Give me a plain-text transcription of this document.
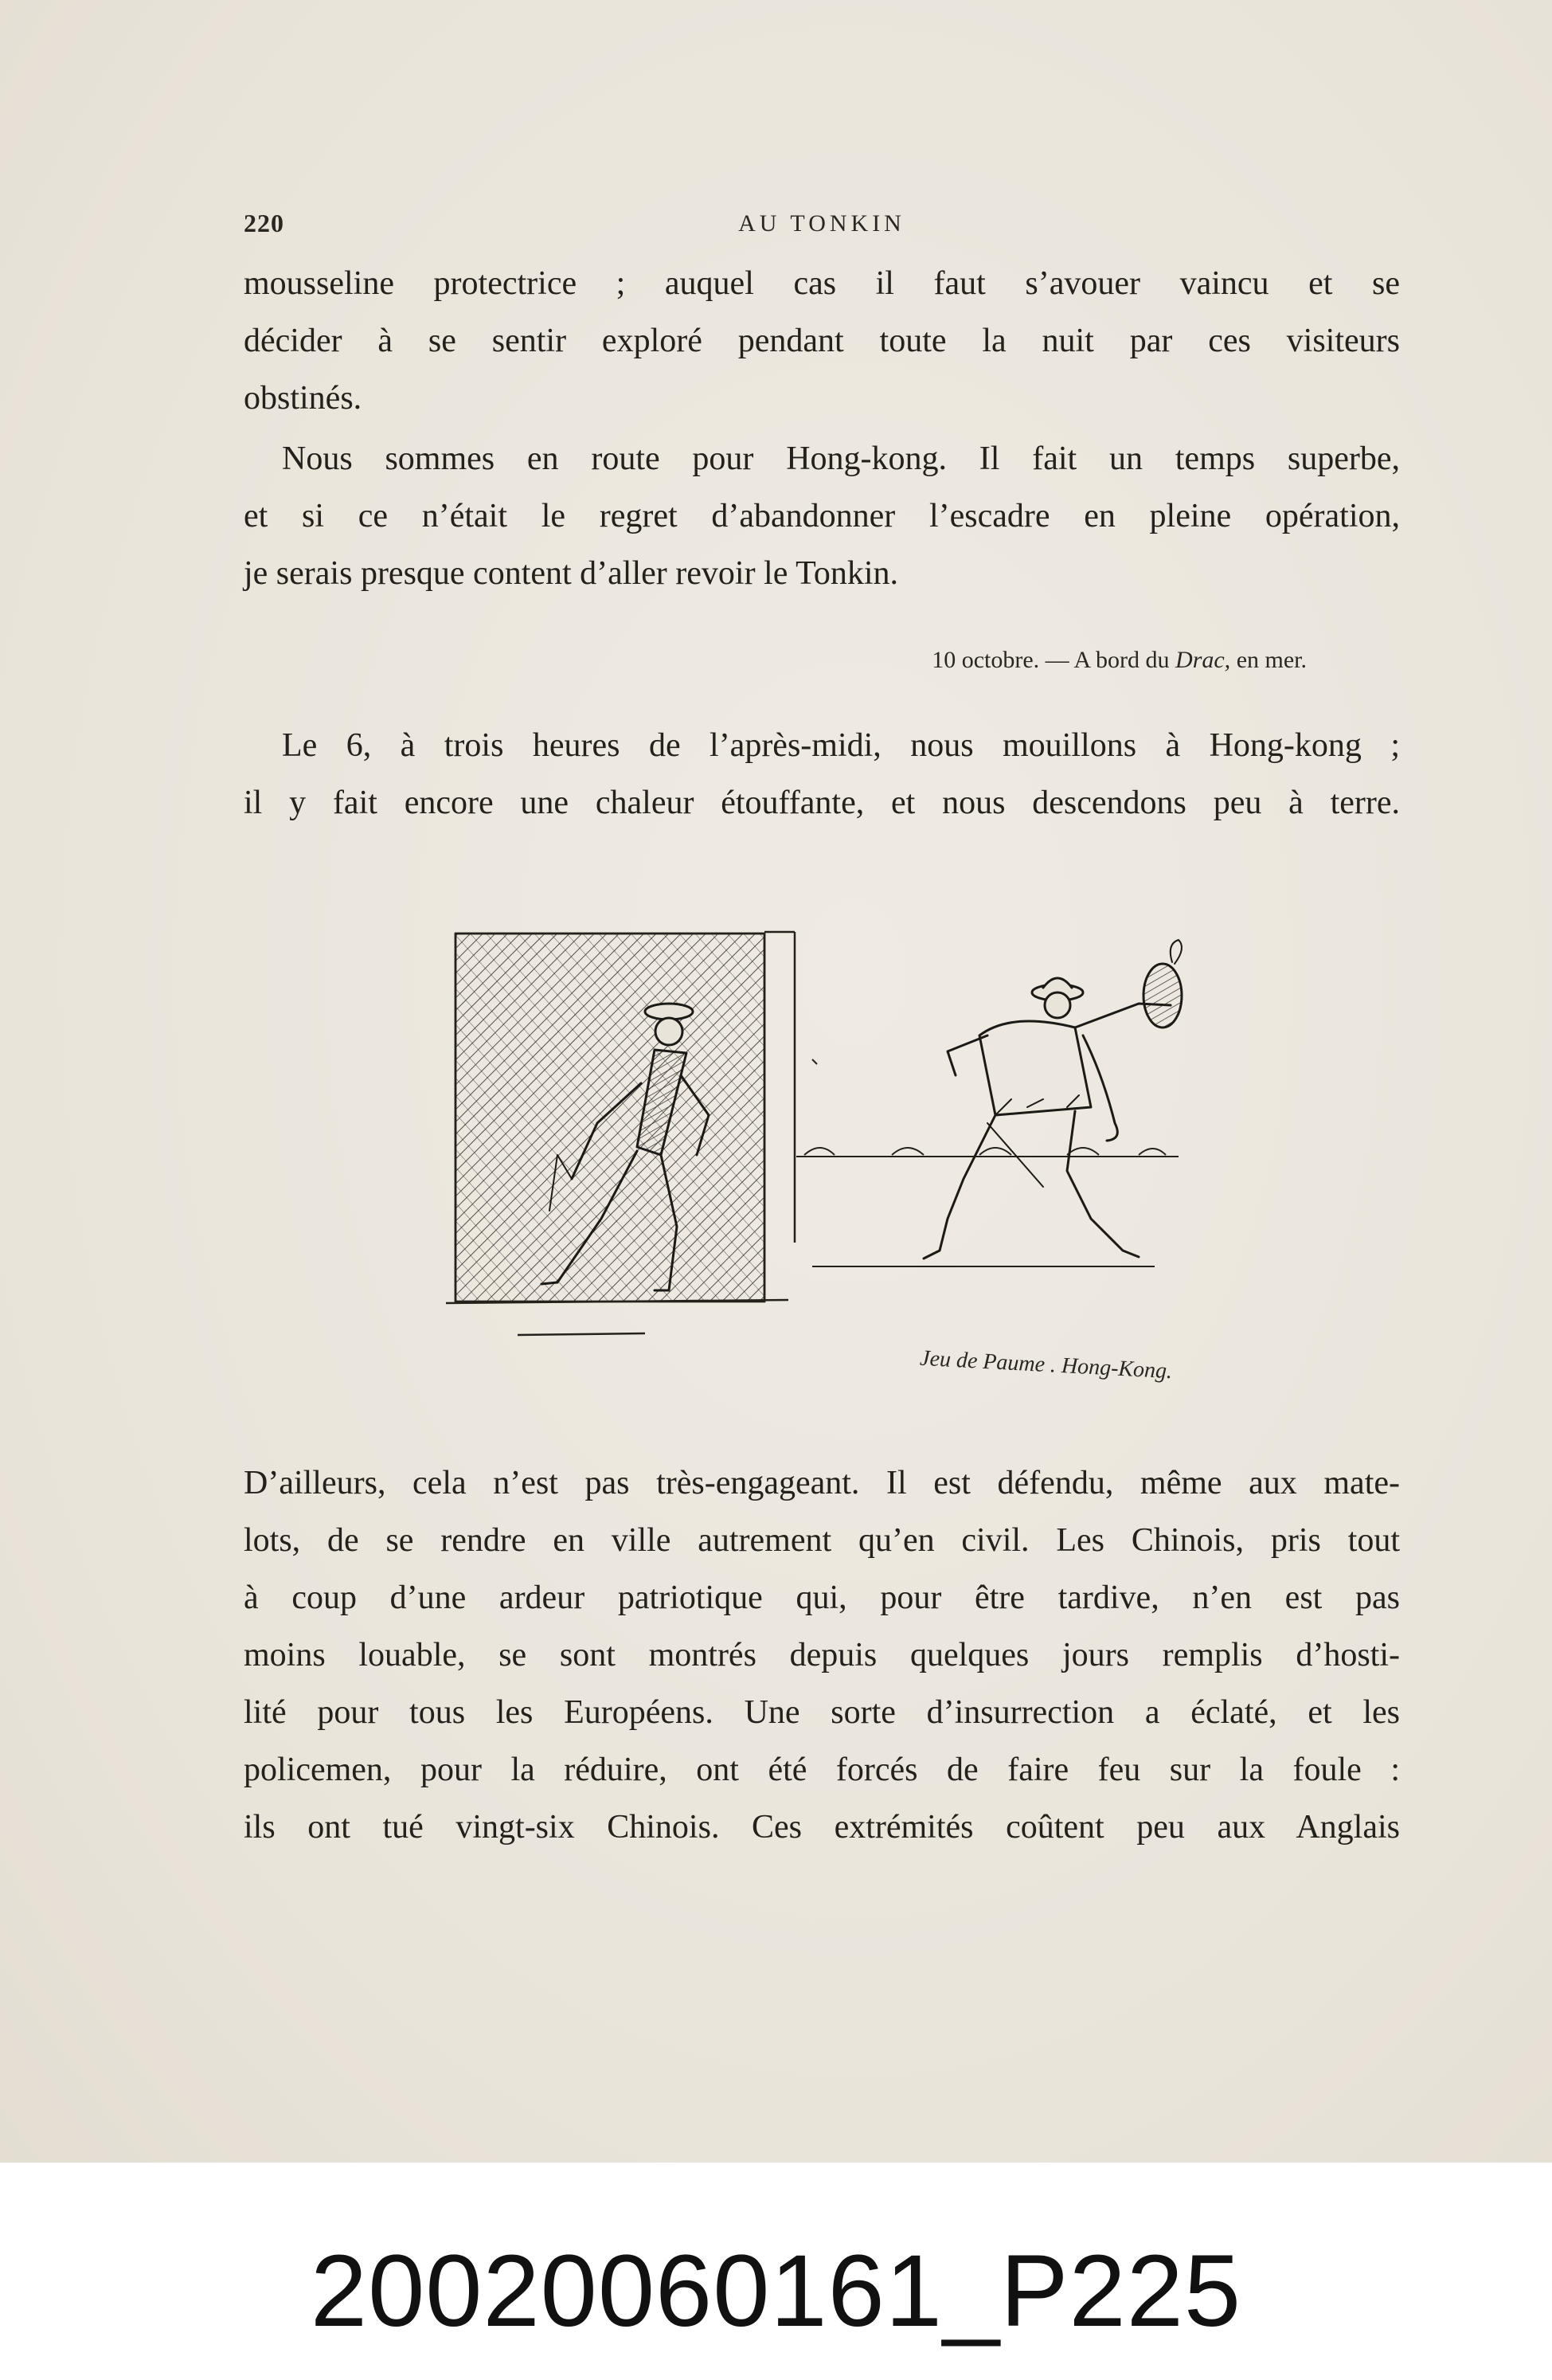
220	AU TONKIN
mousseline protectrice ; auquel cas il faut s’avouer vaincu et se
décider à se sentir exploré pendant toute la nuit par ces visiteurs
obstinés.
Nous sommes en route pour Hong-kong. Il fait un temps superbe,
et si ce n’était le regret d’abandonner l’escadre en pleine opération,
je serais presque content d’aller revoir le Tonkin.
10 octobre. — A bord du Drac, en mer.
Le 6, à trois heures de l’après-midi, nous mouillons à Hong-kong ;
il y fait encore une chaleur étouffante, et nous descendons peu à terre.
Jeu de Paume . Hong-Kong.
D’ailleurs, cela n’est pas très-engageant. Il est défendu, même aux mate-
lots, de se rendre en ville autrement qu’en civil. Les Chinois, pris tout
à coup d’une ardeur patriotique qui, pour être tardive, n’en est pas
moins louable, se sont montrés depuis quelques jours remplis d’hosti-
lité pour tous les Européens. Une sorte d’insurrection a éclaté, et les
policemen, pour la réduire, ont été forcés de faire feu sur la foule :
ils ont tué vingt-six Chinois. Ces extrémités coûtent peu aux Anglais
20020060161_P225
